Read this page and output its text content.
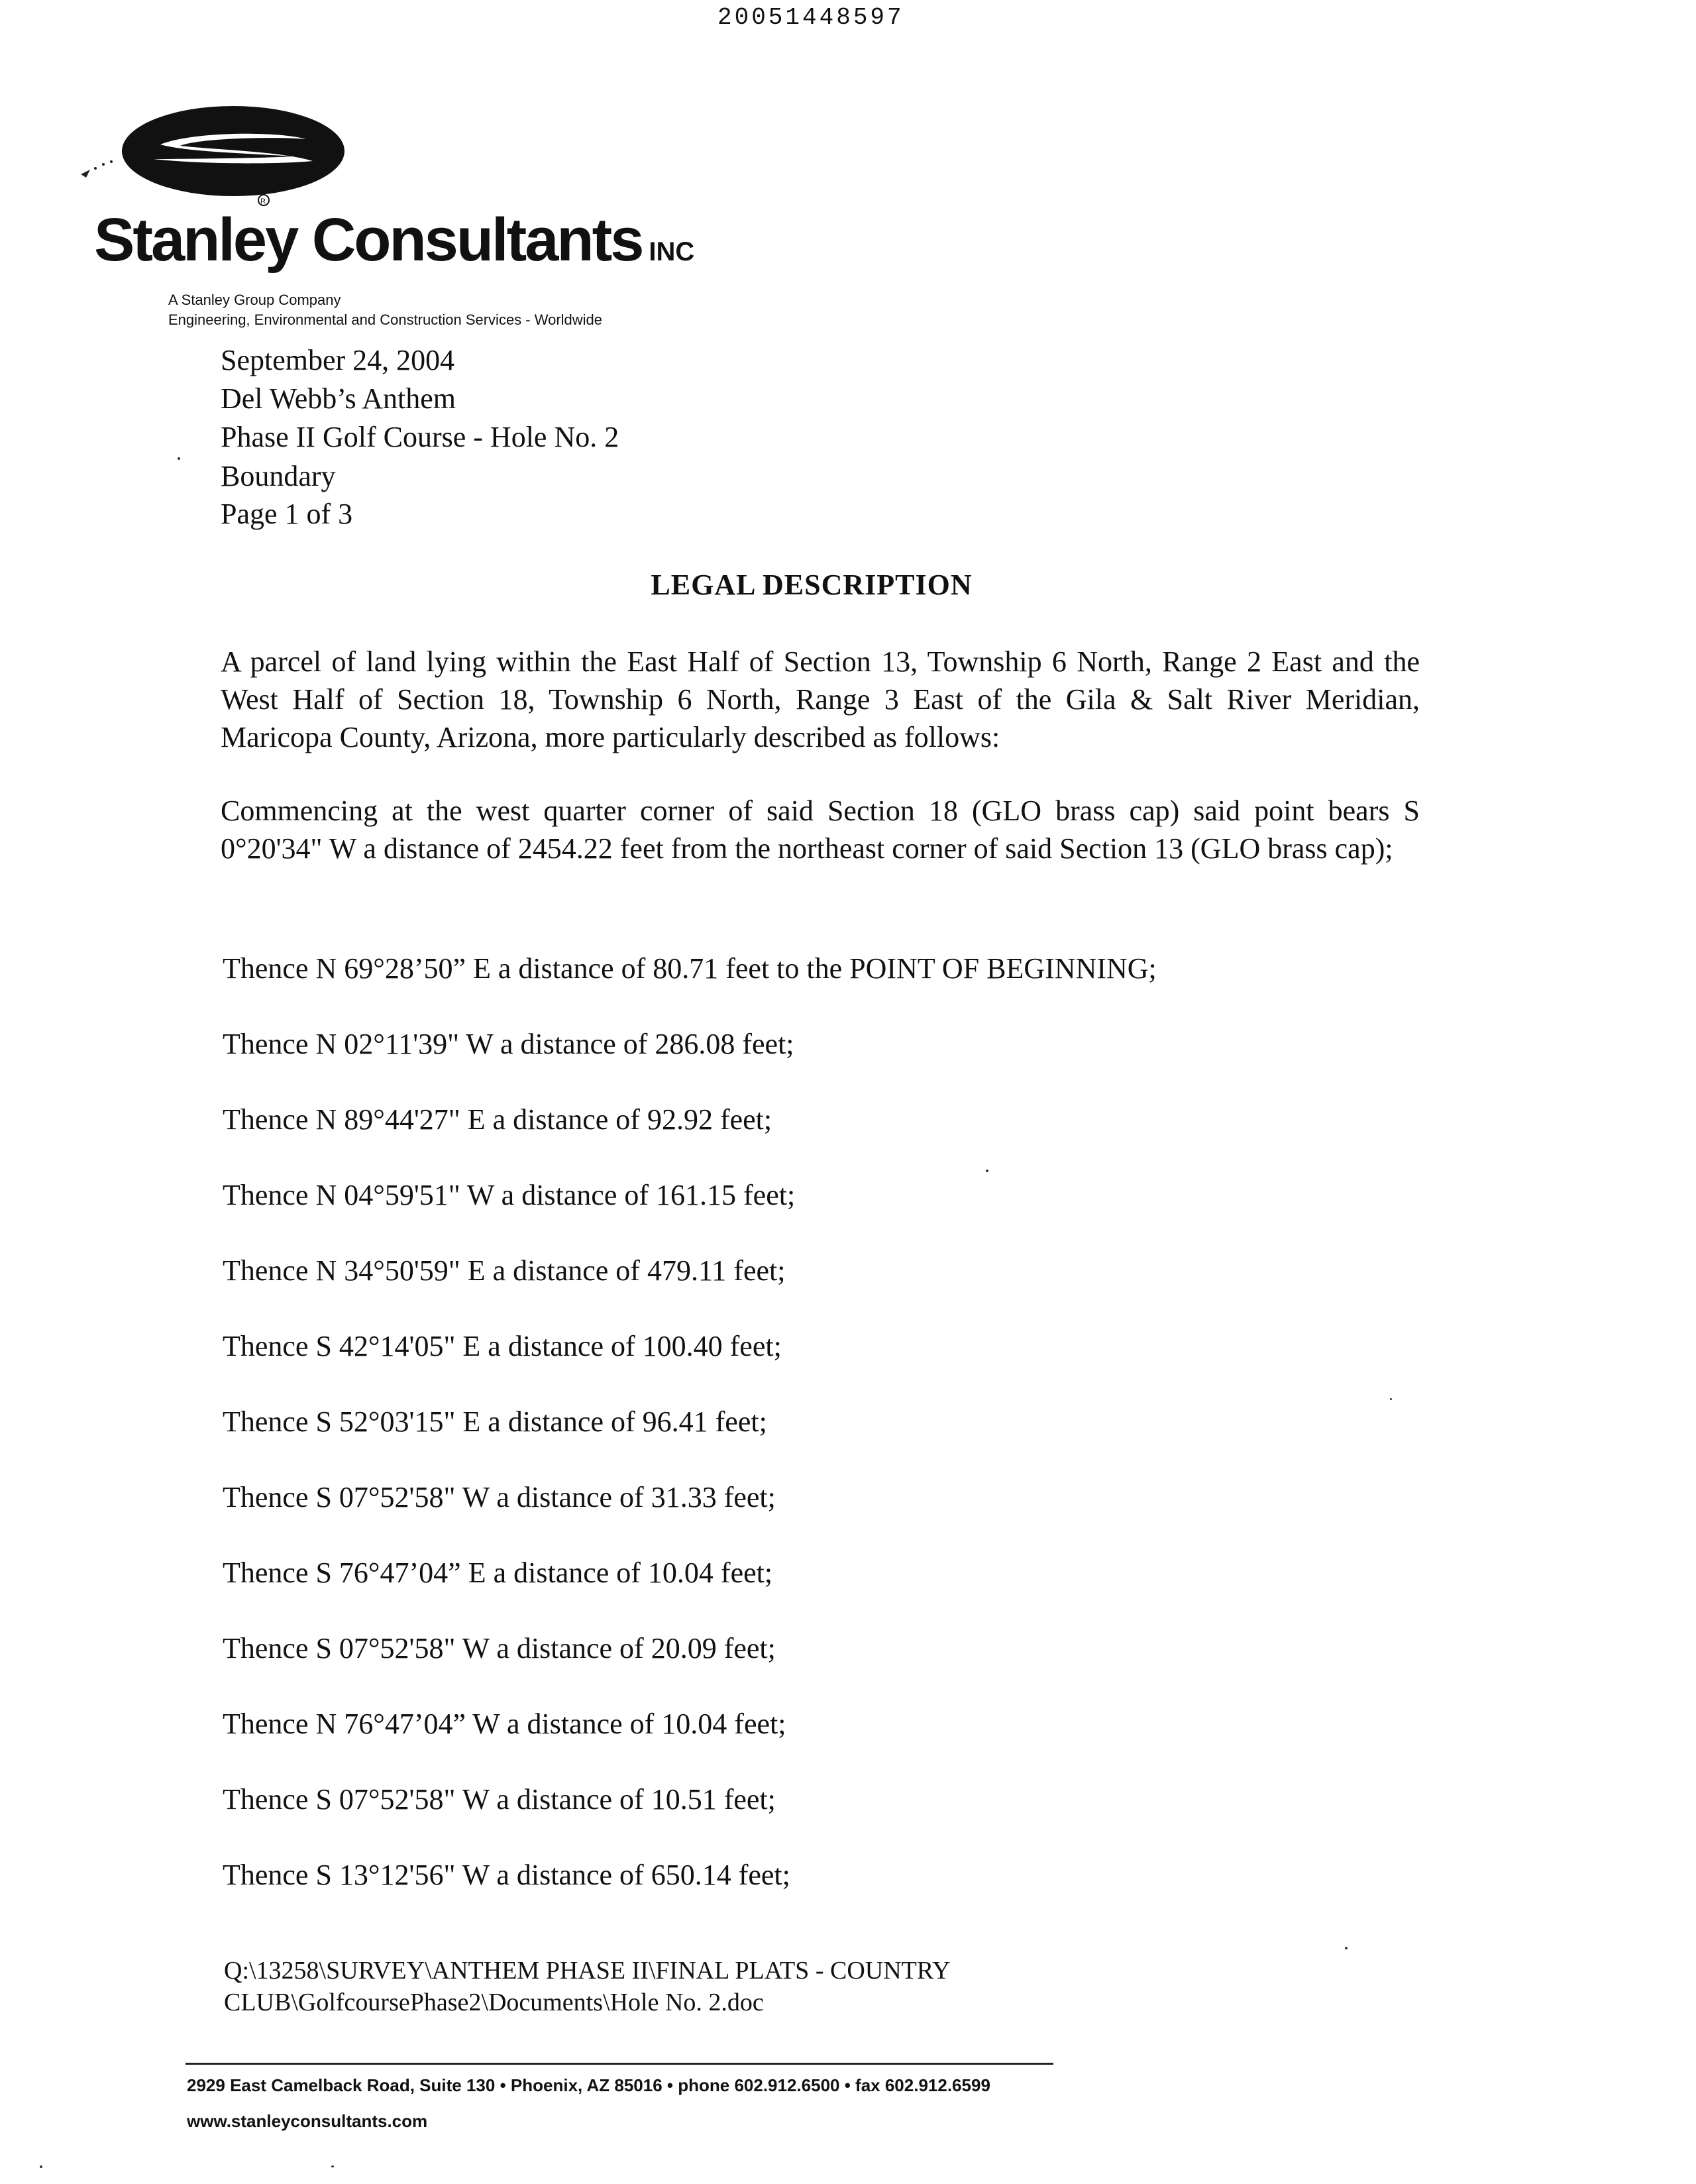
20051448597
R
Stanley Consultants INC
A Stanley Group Company
Engineering, Environmental and Construction Services - Worldwide
September 24, 2004
Del Webb’s Anthem
Phase II Golf Course - Hole No. 2
Boundary
Page 1 of 3
LEGAL DESCRIPTION
A parcel of land lying within the East Half of Section 13, Township 6 North, Range 2 East and the West Half of Section 18, Township 6 North, Range 3 East of the Gila & Salt River Meridian, Maricopa County, Arizona, more particularly described as follows:
Commencing at the west quarter corner of said Section 18 (GLO brass cap) said point bears S 0°20'34" W a distance of 2454.22 feet from the northeast corner of said Section 13 (GLO brass cap);
Thence N 69°28’50” E a distance of 80.71 feet to the POINT OF BEGINNING;
Thence N 02°11'39" W a distance of 286.08 feet;
Thence N 89°44'27" E a distance of 92.92 feet;
Thence N 04°59'51" W a distance of 161.15 feet;
Thence N 34°50'59" E a distance of 479.11 feet;
Thence S 42°14'05" E a distance of 100.40 feet;
Thence S 52°03'15" E a distance of 96.41 feet;
Thence S 07°52'58" W a distance of 31.33 feet;
Thence S 76°47’04” E a distance of 10.04 feet;
Thence S 07°52'58" W a distance of 20.09 feet;
Thence N 76°47’04” W a distance of 10.04 feet;
Thence S 07°52'58" W a distance of 10.51 feet;
Thence S 13°12'56" W a distance of 650.14 feet;
Q:\13258\SURVEY\ANTHEM PHASE II\FINAL PLATS - COUNTRY
CLUB\GolfcoursePhase2\Documents\Hole No. 2.doc
2929 East Camelback Road, Suite 130 • Phoenix, AZ 85016 • phone 602.912.6500 • fax 602.912.6599
www.stanleyconsultants.com
